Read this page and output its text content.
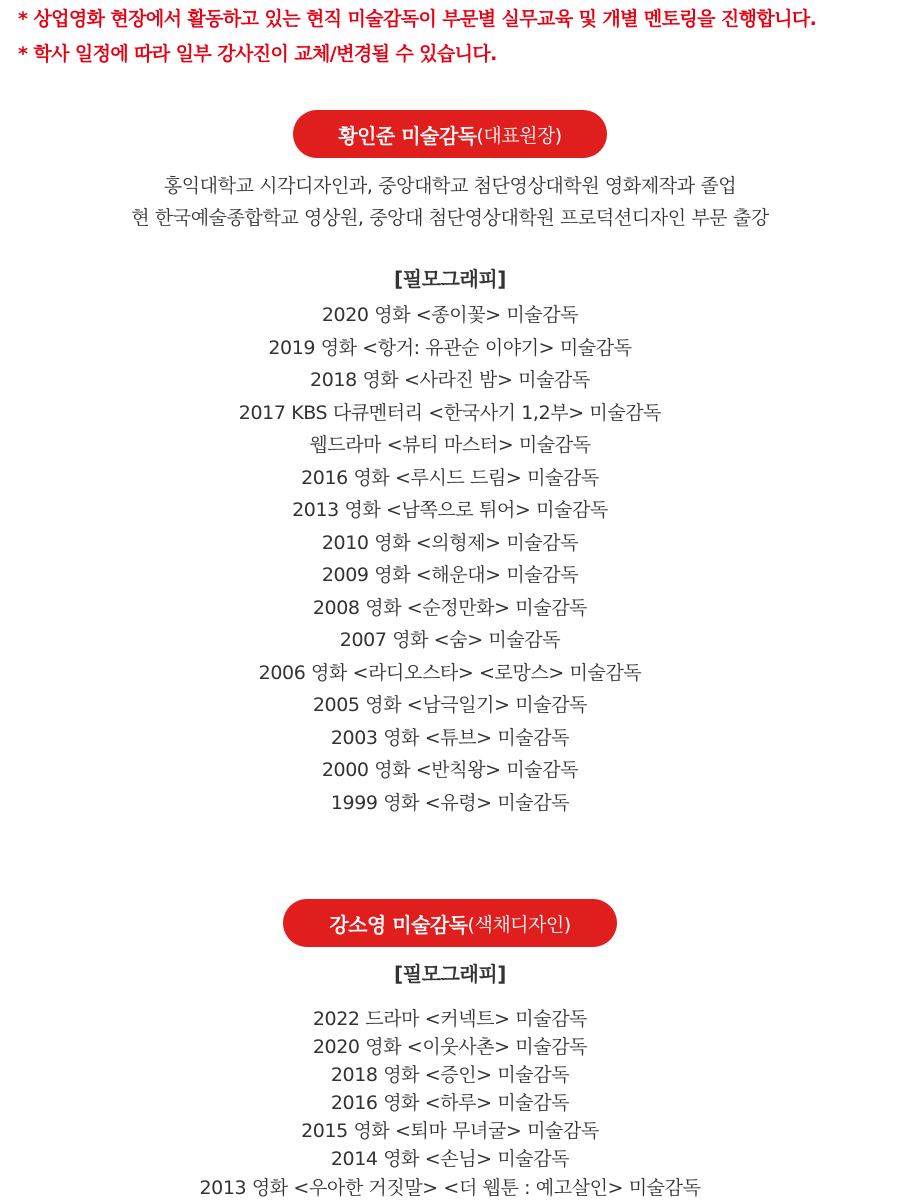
* 상업영화 현장에서 활동하고 있는 현직 미술감독이 부문별 실무교육 및 개별 멘토링을 진행합니다.
* 학사 일정에 따라 일부 강사진이 교체/변경될 수 있습니다.
황인준 미술감독 (대표원장)
홍익대학교 시각디자인과, 중앙대학교 첨단영상대학원 영화제작과 졸업
현 한국예술종합학교 영상원, 중앙대 첨단영상대학원 프로덕션디자인 부문 출강
[필모그래피]
2020 영화 <종이꽃> 미술감독
2019 영화 <항거: 유관순 이야기> 미술감독
2018 영화 <사라진 밤> 미술감독
2017 KBS 다큐멘터리 <한국사기 1,2부> 미술감독
웹드라마 <뷰티 마스터> 미술감독
2016 영화 <루시드 드림> 미술감독
2013 영화 <남쪽으로 튀어> 미술감독
2010 영화 <의형제> 미술감독
2009 영화 <해운대> 미술감독
2008 영화 <순정만화> 미술감독
2007 영화 <숨> 미술감독
2006 영화 <라디오스타> <로망스> 미술감독
2005 영화 <남극일기> 미술감독
2003 영화 <튜브> 미술감독
2000 영화 <반칙왕> 미술감독
1999 영화 <유령> 미술감독
강소영 미술감독 (색채디자인)
[필모그래피]
2022 드라마 <커넥트> 미술감독
2020 영화 <이웃사촌> 미술감독
2018 영화 <증인> 미술감독
2016 영화 <하루> 미술감독
2015 영화 <퇴마 무녀굴> 미술감독
2014 영화 <손님> 미술감독
2013 영화 <우아한 거짓말> <더 웹툰 : 예고살인> 미술감독
